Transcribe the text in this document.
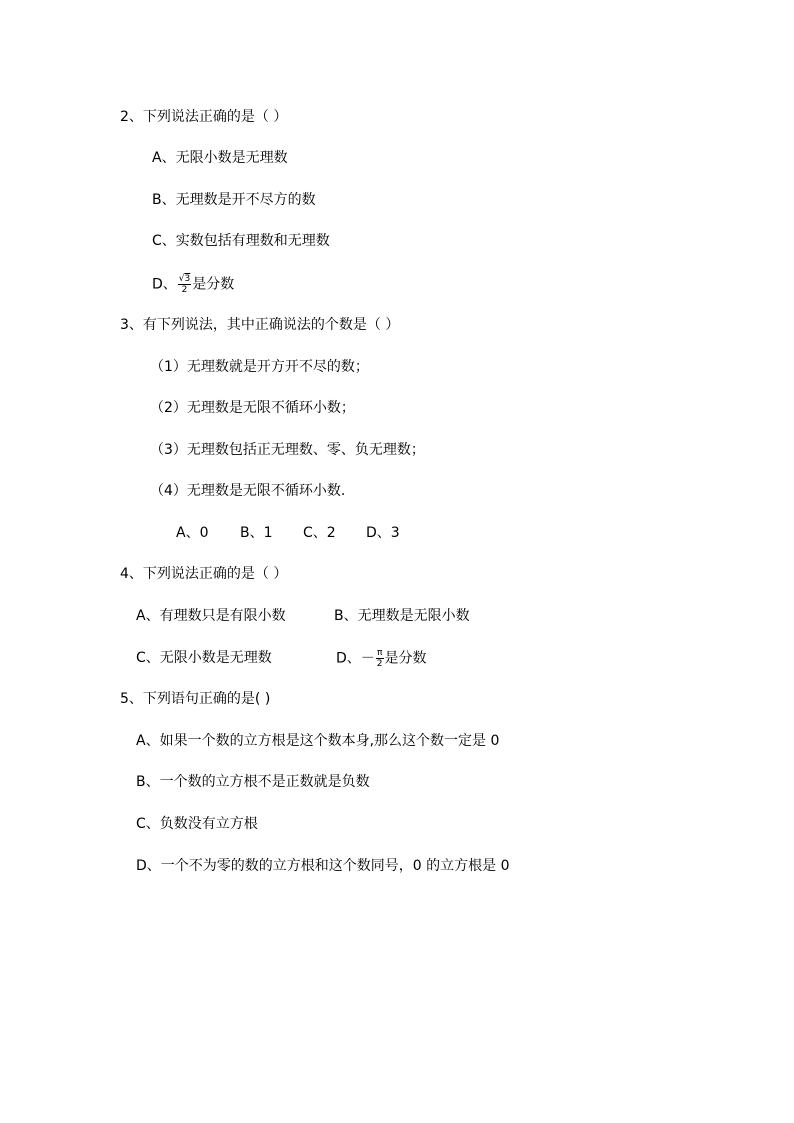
2、下列说法正确的是（ ）
A、无限小数是无理数
B、无理数是开不尽方的数
C、实数包括有理数和无理数
D、 $\frac{√3}{2}$ 是分数
3、有下列说法，其中正确说法的个数是（ ）
（1）无理数就是开方开不尽的数；
（2）无理数是无限不循环小数；
（3）无理数包括正无理数、零、负无理数；
（4）无理数是无限不循环小数.
A、0 B、1 C、2 D、3
4、下列说法正确的是（ ）
A、有理数只是有限小数	B、无理数是无限小数
C、无限小数是无理数	D、－ $\frac{\pi}{2}$ 是分数
5、下列语句正确的是( )
A、如果一个数的立方根是这个数本身,那么这个数一定是 0
B、一个数的立方根不是正数就是负数
C、负数没有立方根
D、一个不为零的数的立方根和这个数同号，0 的立方根是 0
